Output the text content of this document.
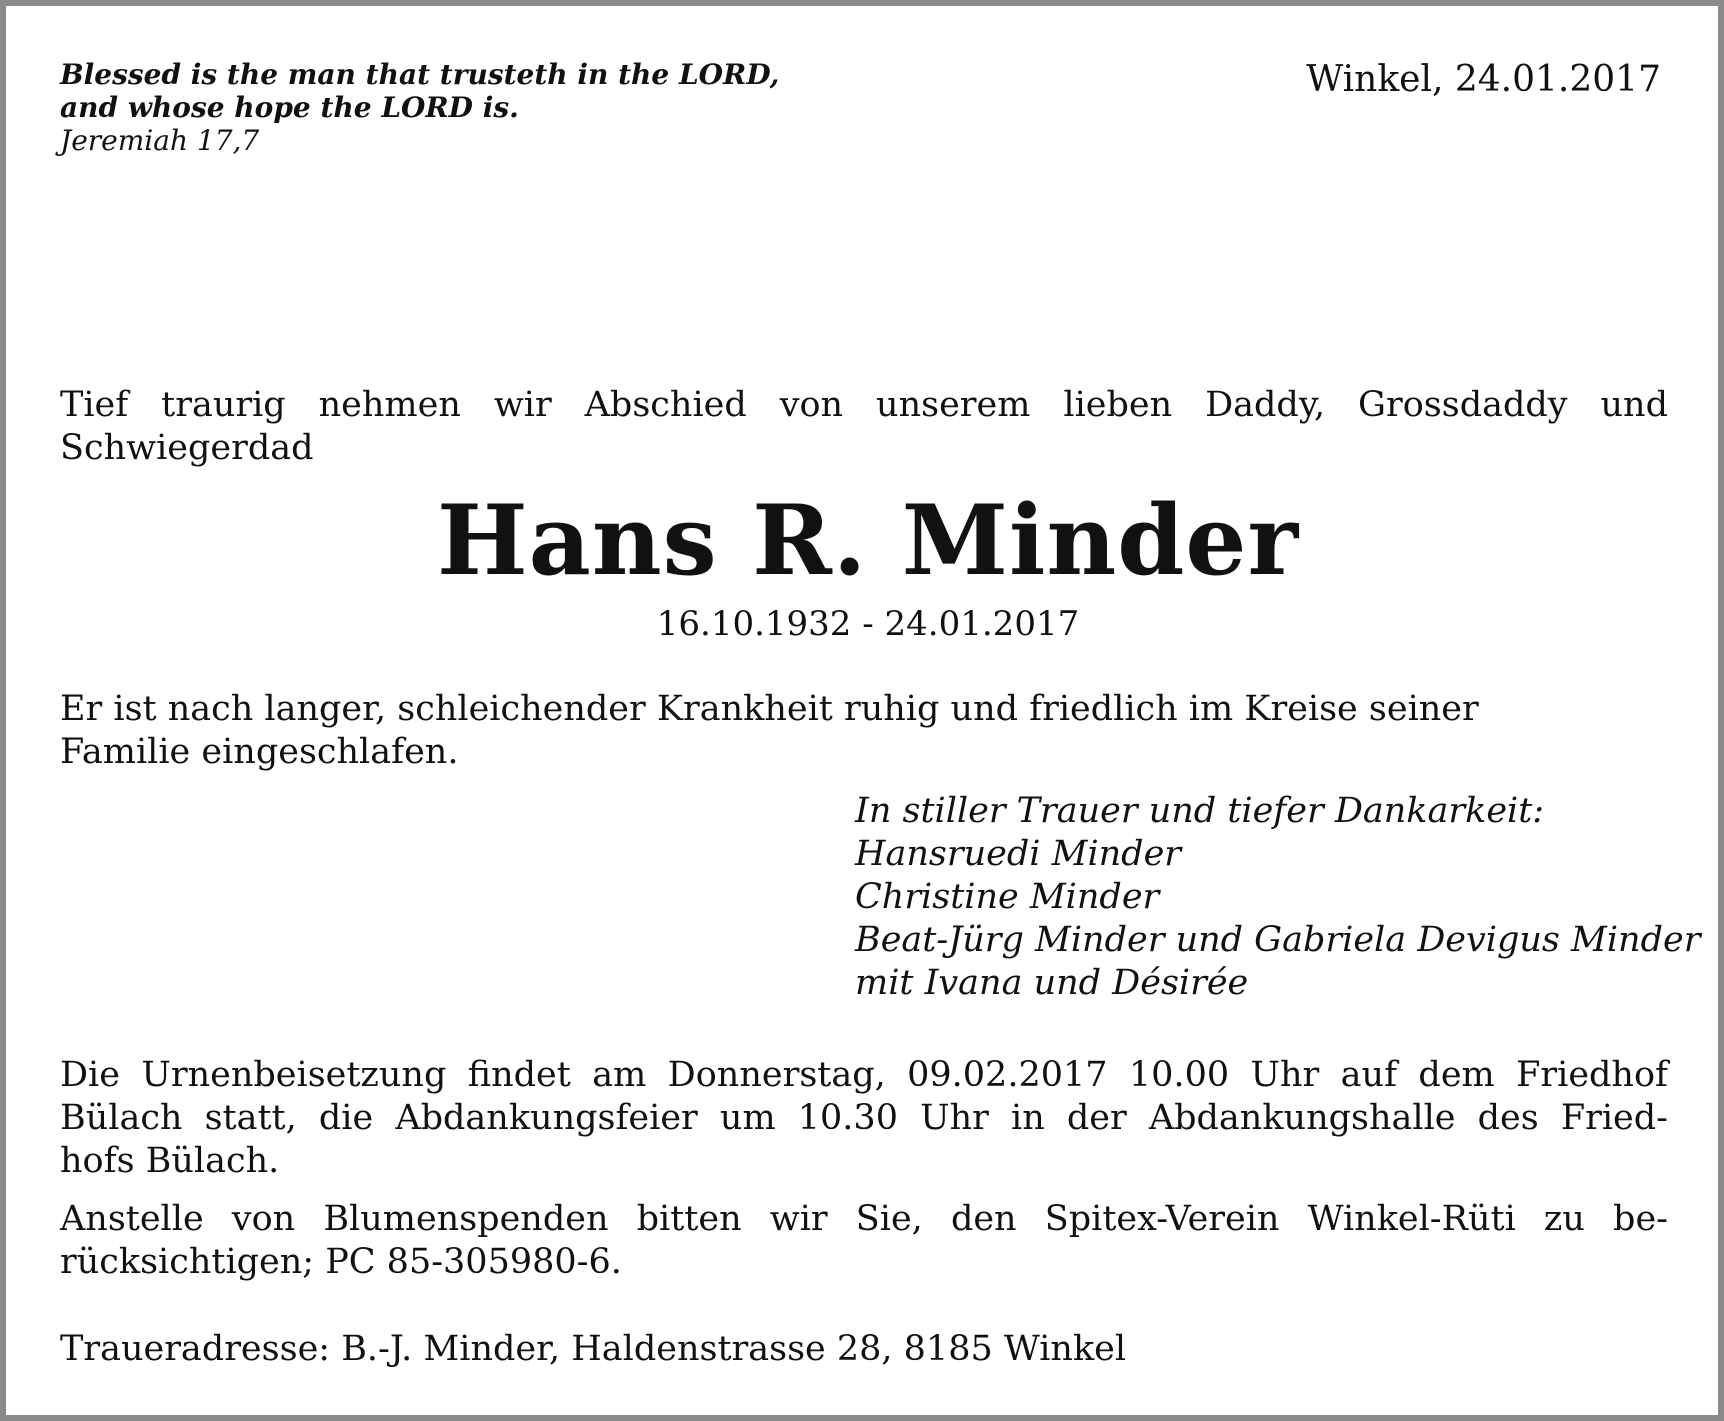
Blessed is the man that trusteth in the LORD,
and whose hope the LORD is.
Jeremiah 17,7
Winkel, 24.01.2017
Tief traurig nehmen wir Abschied von unserem lieben Daddy, Grossdaddy und
Schwiegerdad
Hans R. Minder
16.10.1932 - 24.01.2017
Er ist nach langer, schleichender Krankheit ruhig und friedlich im Kreise seiner
Familie eingeschlafen.
In stiller Trauer und tiefer Dankarkeit:
Hansruedi Minder
Christine Minder
Beat-Jürg Minder und Gabriela Devigus Minder
mit Ivana und Désirée
Die Urnenbeisetzung findet am Donnerstag, 09.02.2017 10.00 Uhr auf dem Friedhof
Bülach statt, die Abdankungsfeier um 10.30 Uhr in der Abdankungshalle des Fried-
hofs Bülach.
Anstelle von Blumenspenden bitten wir Sie, den Spitex-Verein Winkel-Rüti zu be-
rücksichtigen; PC 85-305980-6.
Traueradresse: B.-J. Minder, Haldenstrasse 28, 8185 Winkel
